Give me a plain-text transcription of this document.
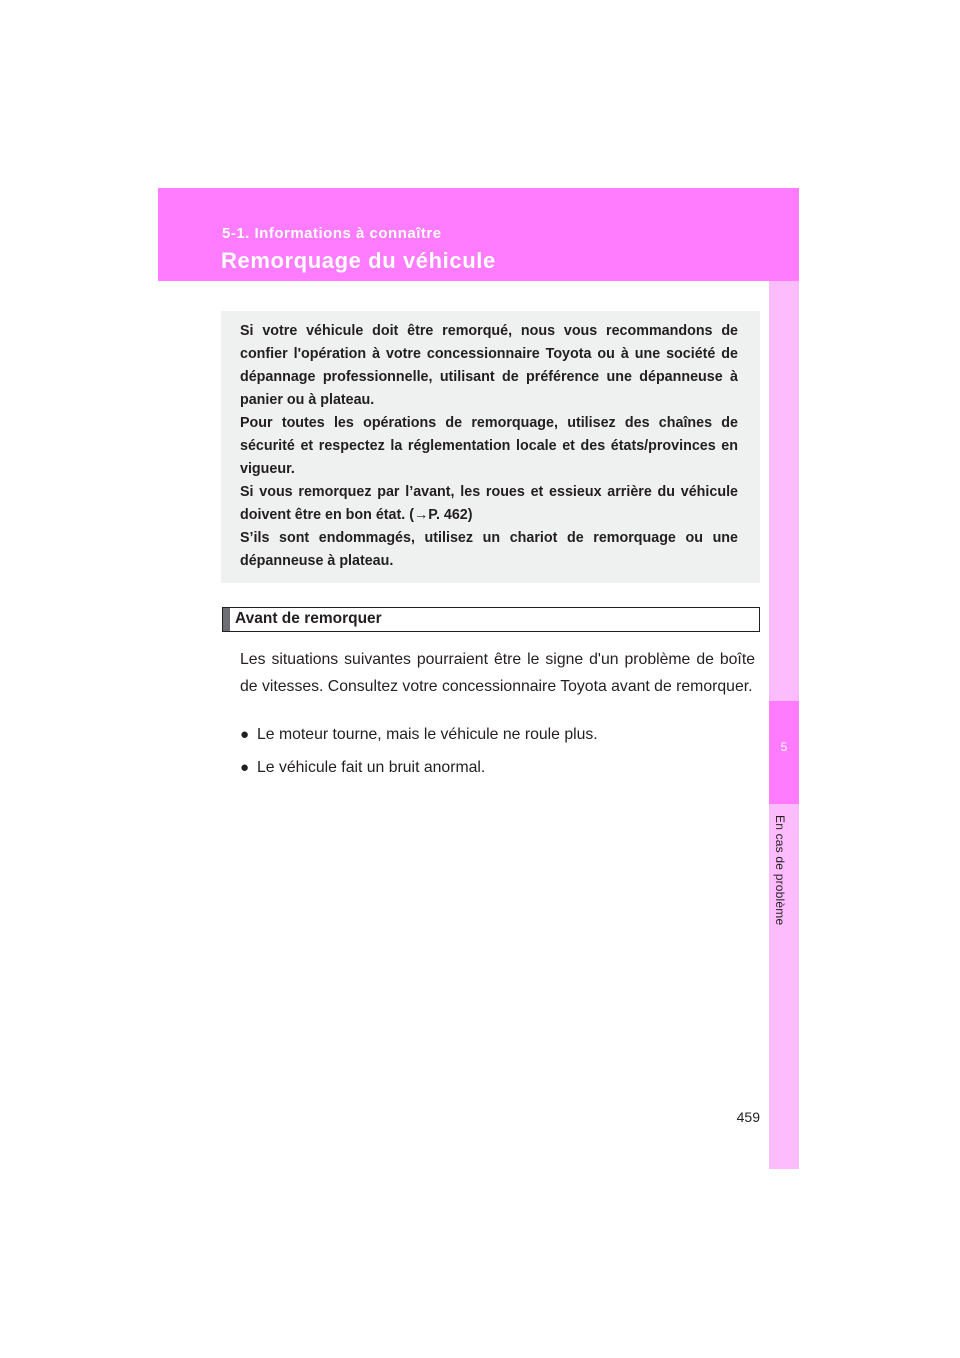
5-1. Informations à connaître
Remorquage du véhicule
5
En cas de problème

Si votre véhicule doit être remorqué, nous vous recommandons de confier l'opération à votre concessionnaire Toyota ou à une société de dépannage professionnelle, utilisant de préférence une dépanneuse à panier ou à plateau.

Pour toutes les opérations de remorquage, utilisez des chaînes de sécurité et respectez la réglementation locale et des états/provinces en vigueur.

Si vous remorquez par l’avant, les roues et essieux arrière du véhicule doivent être en bon état. (→P. 462)

S’ils sont endommagés, utilisez un chariot de remorquage ou une dépanneuse à plateau.

Avant de remorquer

Les situations suivantes pourraient être le signe d'un problème de boîte de vitesses. Consultez votre concessionnaire Toyota avant de remorquer.

● Le moteur tourne, mais le véhicule ne roule plus.
● Le véhicule fait un bruit anormal.
459
